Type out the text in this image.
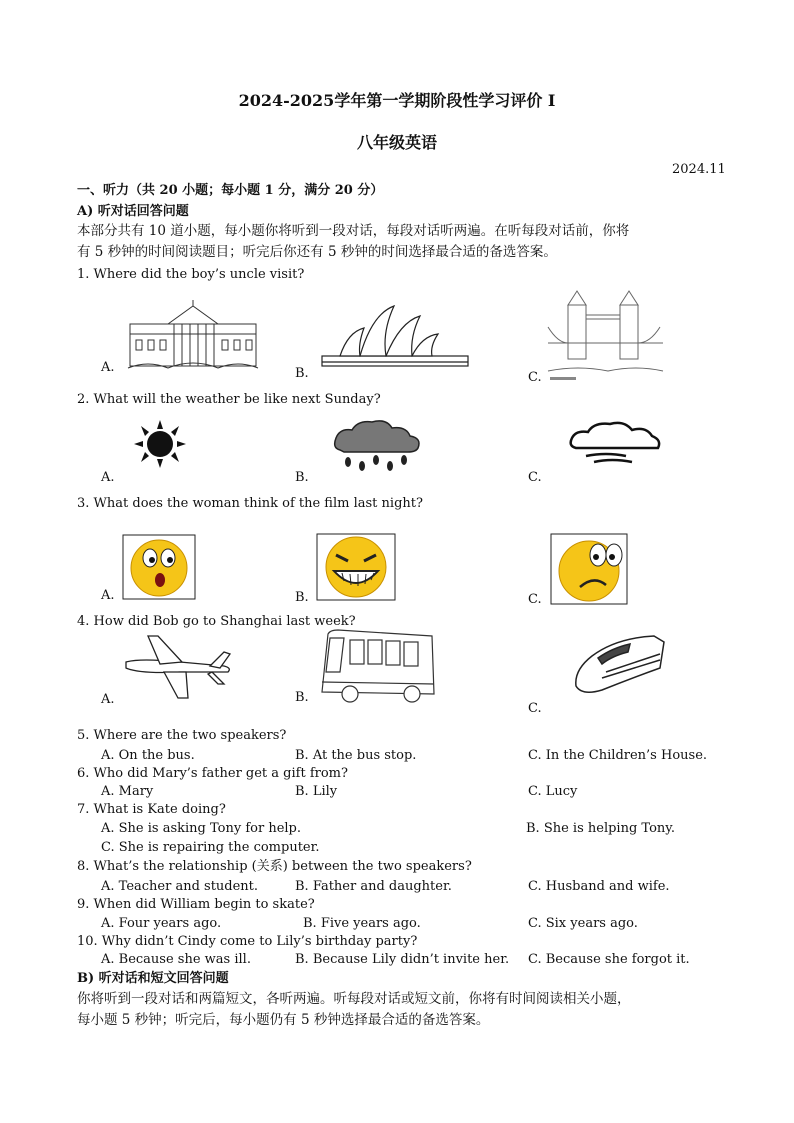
2024-2025学年第一学期阶段性学习评价 I
八年级英语
2024.11
一、听力（共 20 小题；每小题 1 分，满分 20 分）
A) 听对话回答问题
本部分共有 10 道小题，每小题你将听到一段对话，每段对话听两遍。在听每段对话前，你将
有 5 秒钟的时间阅读题目；听完后你还有 5 秒钟的时间选择最合适的备选答案。
1. Where did the boy’s uncle visit?
A.	B.	C.
2. What will the weather be like next Sunday?
A.	B.	C.
3. What does the woman think of the film last night?
A.	B.	C.
4. How did Bob go to Shanghai last week?
A.	B.
C.
5. Where are the two speakers?
A. On the bus.	B. At the bus stop.	C. In the Children’s House.
6. Who did Mary’s father get a gift from?
A. Mary	B. Lily	C. Lucy
7. What is Kate doing?
A. She is asking Tony for help.	B. She is helping Tony.
C. She is repairing the computer.
8. What’s the relationship (关系) between the two speakers?
A. Teacher and student.	B. Father and daughter.	C. Husband and wife.
9. When did William begin to skate?
A. Four years ago.	B. Five years ago.	C. Six years ago.
10. Why didn’t Cindy come to Lily’s birthday party?
A. Because she was ill.	B. Because Lily didn’t invite her. C. Because she forgot it.
B) 听对话和短文回答问题
你将听到一段对话和两篇短文，各听两遍。听每段对话或短文前，你将有时间阅读相关小题，
每小题 5 秒钟；听完后，每小题仍有 5 秒钟选择最合适的备选答案。
